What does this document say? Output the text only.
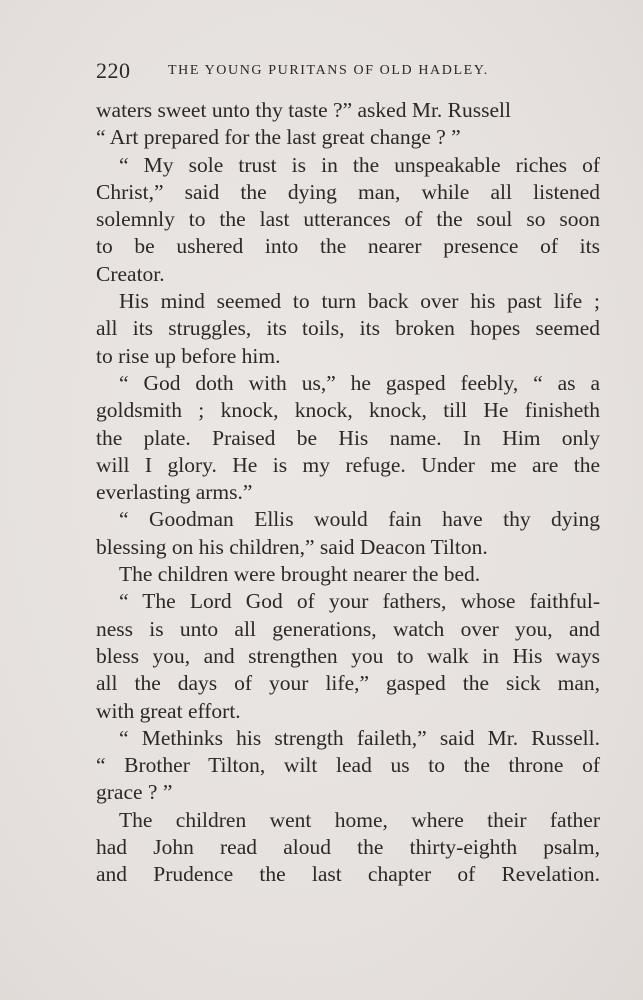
220	THE YOUNG PURITANS OF OLD HADLEY.
waters sweet unto thy taste ?” asked Mr. Russell
“ Art prepared for the last great change ? ”
“ My sole trust is in the unspeakable riches of
Christ,” said the dying man, while all listened
solemnly to the last utterances of the soul so soon
to be ushered into the nearer presence of its
Creator.
His mind seemed to turn back over his past life ;
all its struggles, its toils, its broken hopes seemed
to rise up before him.
“ God doth with us,” he gasped feebly, “ as a
goldsmith ; knock, knock, knock, till He finisheth
the plate. Praised be His name. In Him only
will I glory. He is my refuge. Under me are the
everlasting arms.”
“ Goodman Ellis would fain have thy dying
blessing on his children,” said Deacon Tilton.
The children were brought nearer the bed.
“ The Lord God of your fathers, whose faithful-
ness is unto all generations, watch over you, and
bless you, and strengthen you to walk in His ways
all the days of your life,” gasped the sick man,
with great effort.
“ Methinks his strength faileth,” said Mr. Russell.
“ Brother Tilton, wilt lead us to the throne of
grace ? ”
The children went home, where their father
had John read aloud the thirty-eighth psalm,
and Prudence the last chapter of Revelation.
